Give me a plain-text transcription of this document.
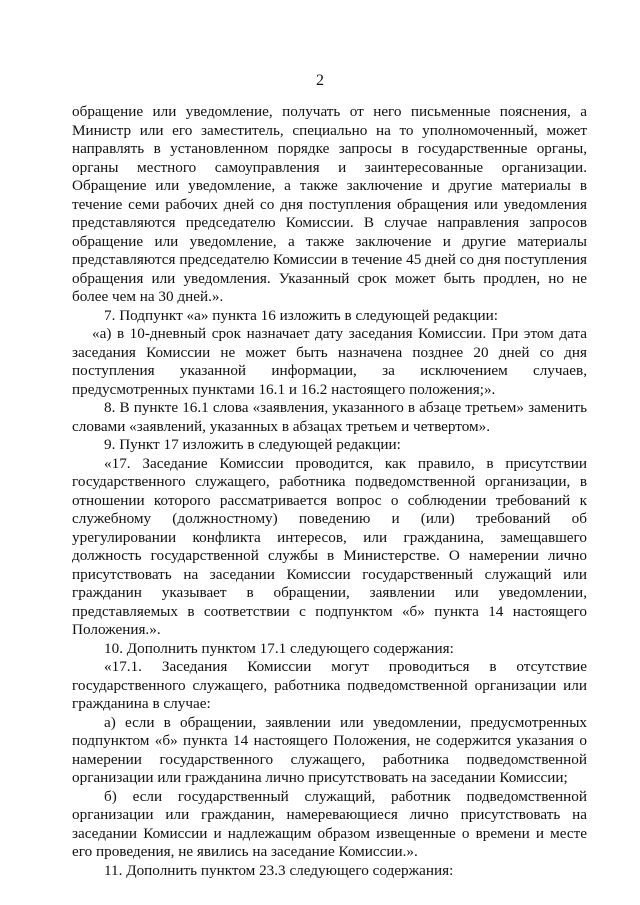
2

обращение или уведомление, получать от него письменные пояснения, а Министр или его заместитель, специально на то уполномоченный, может направлять в установленном порядке запросы в государственные органы, органы местного самоуправления и заинтересованные организации. Обращение или уведомление, а также заключение и другие материалы в течение семи рабочих дней со дня поступления обращения или уведомления представляются председателю Комиссии. В случае направления запросов обращение или уведомление, а также заключение и другие материалы представляются председателю Комиссии в течение 45 дней со дня поступления обращения или уведомления. Указанный срок может быть продлен, но не более чем на 30 дней.».

7. Подпункт «а» пункта 16 изложить в следующей редакции:

«а) в 10-дневный срок назначает дату заседания Комиссии. При этом дата заседания Комиссии не может быть назначена позднее 20 дней со дня поступления указанной информации, за исключением случаев, предусмотренных пунктами 16.1 и 16.2 настоящего положения;».

8. В пункте 16.1 слова «заявления, указанного в абзаце третьем» заменить словами «заявлений, указанных в абзацах третьем и четвертом».

9. Пункт 17 изложить в следующей редакции:

«17. Заседание Комиссии проводится, как правило, в присутствии государственного служащего, работника подведомственной организации, в отношении которого рассматривается вопрос о соблюдении требований к служебному (должностному) поведению и (или) требований об урегулировании конфликта интересов, или гражданина, замещавшего должность государственной службы в Министерстве. О намерении лично присутствовать на заседании Комиссии государственный служащий или гражданин указывает в обращении, заявлении или уведомлении, представляемых в соответствии с подпунктом «б» пункта 14 настоящего Положения.».

10. Дополнить пунктом 17.1 следующего содержания:

«17.1. Заседания Комиссии могут проводиться в отсутствие государственного служащего, работника подведомственной организации или гражданина в случае:

а) если в обращении, заявлении или уведомлении, предусмотренных подпунктом «б» пункта 14 настоящего Положения, не содержится указания о намерении государственного служащего, работника подведомственной организации или гражданина лично присутствовать на заседании Комиссии;

б) если государственный служащий, работник подведомственной организации или гражданин, намеревающиеся лично присутствовать на заседании Комиссии и надлежащим образом извещенные о времени и месте его проведения, не явились на заседание Комиссии.».

11. Дополнить пунктом 23.3 следующего содержания:
